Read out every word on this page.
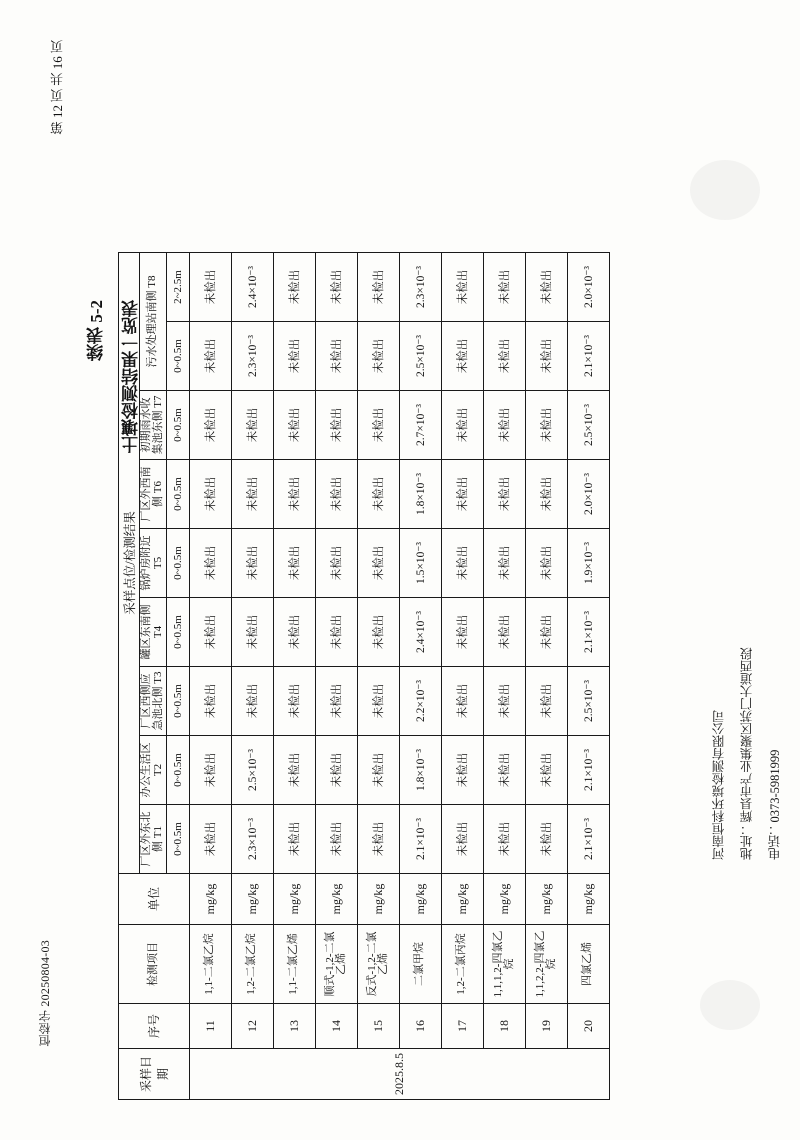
恒检字 20250804-03
第 12 页 共 16 页
续表 5-2 土壤检测结果一览表
河南恒科环境检测有限公司 地址：辉县市产业集聚区苏门大道西段 电话：0373-5981999
采样日期	序号	检测项目	单位	采样点位/检测结果								
				厂区外东北侧 T1	办公生活区 T2	厂区西侧应急池北侧 T3	罐区东南侧 T4	锅炉房附近 T5	厂区外西南侧 T6	初期雨水收集池东侧 T7	污水处理站南侧 T8	
				0~0.5m	0~0.5m	0~0.5m	0~0.5m	0~0.5m	0~0.5m	0~0.5m	0~0.5m	2~2.5m
2025.8.5	11	1,1-二氯乙烷	mg/kg	未检出	未检出	未检出	未检出	未检出	未检出	未检出	未检出	未检出
	12	1,2-二氯乙烷	mg/kg	2.3×10⁻³	2.5×10⁻³	未检出	未检出	未检出	未检出	未检出	2.3×10⁻³	2.4×10⁻³
	13	1,1-二氯乙烯	mg/kg	未检出	未检出	未检出	未检出	未检出	未检出	未检出	未检出	未检出
	14	顺式-1,2-二氯乙烯	mg/kg	未检出	未检出	未检出	未检出	未检出	未检出	未检出	未检出	未检出
	15	反式-1,2-二氯乙烯	mg/kg	未检出	未检出	未检出	未检出	未检出	未检出	未检出	未检出	未检出
	16	二氯甲烷	mg/kg	2.1×10⁻³	1.8×10⁻³	2.2×10⁻³	2.4×10⁻³	1.5×10⁻³	1.8×10⁻³	2.7×10⁻³	2.5×10⁻³	2.3×10⁻³
	17	1,2-二氯丙烷	mg/kg	未检出	未检出	未检出	未检出	未检出	未检出	未检出	未检出	未检出
	18	1,1,1,2-四氯乙烷	mg/kg	未检出	未检出	未检出	未检出	未检出	未检出	未检出	未检出	未检出
	19	1,1,2,2-四氯乙烷	mg/kg	未检出	未检出	未检出	未检出	未检出	未检出	未检出	未检出	未检出
	20	四氯乙烯	mg/kg	2.1×10⁻³	2.1×10⁻³	2.5×10⁻³	2.1×10⁻³	1.9×10⁻³	2.0×10⁻³	2.5×10⁻³	2.1×10⁻³	2.0×10⁻³
